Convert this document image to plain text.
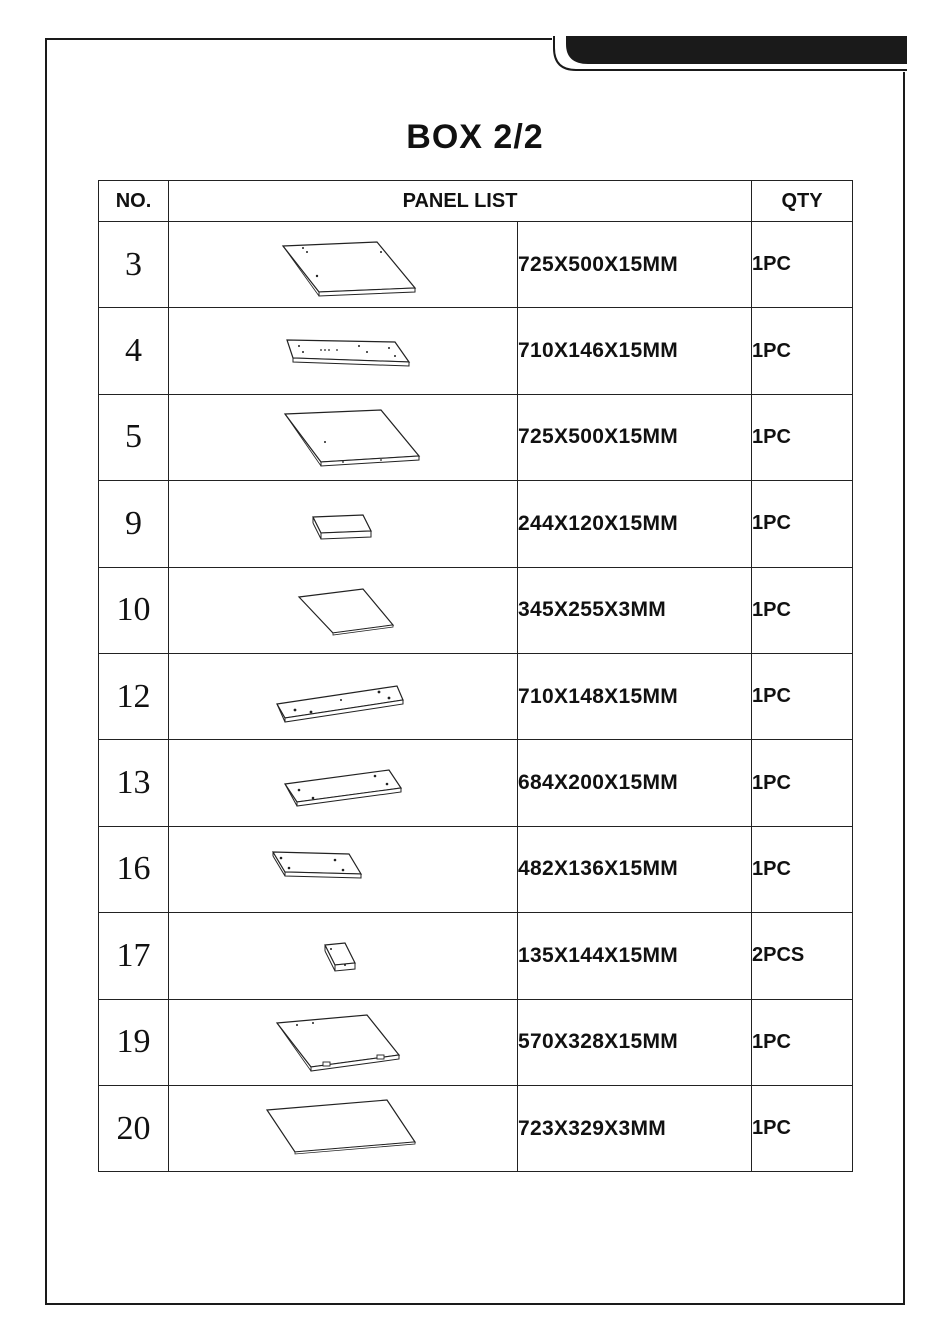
BOX 2/2
NO.	PANEL LIST		QTY
3		725X500X15MM	1PC
4		710X146X15MM	1PC
5		725X500X15MM	1PC
9		244X120X15MM	1PC
10		345X255X3MM	1PC
12		710X148X15MM	1PC
13		684X200X15MM	1PC
16		482X136X15MM	1PC
17		135X144X15MM	2PCS
19		570X328X15MM	1PC
20		723X329X3MM	1PC
